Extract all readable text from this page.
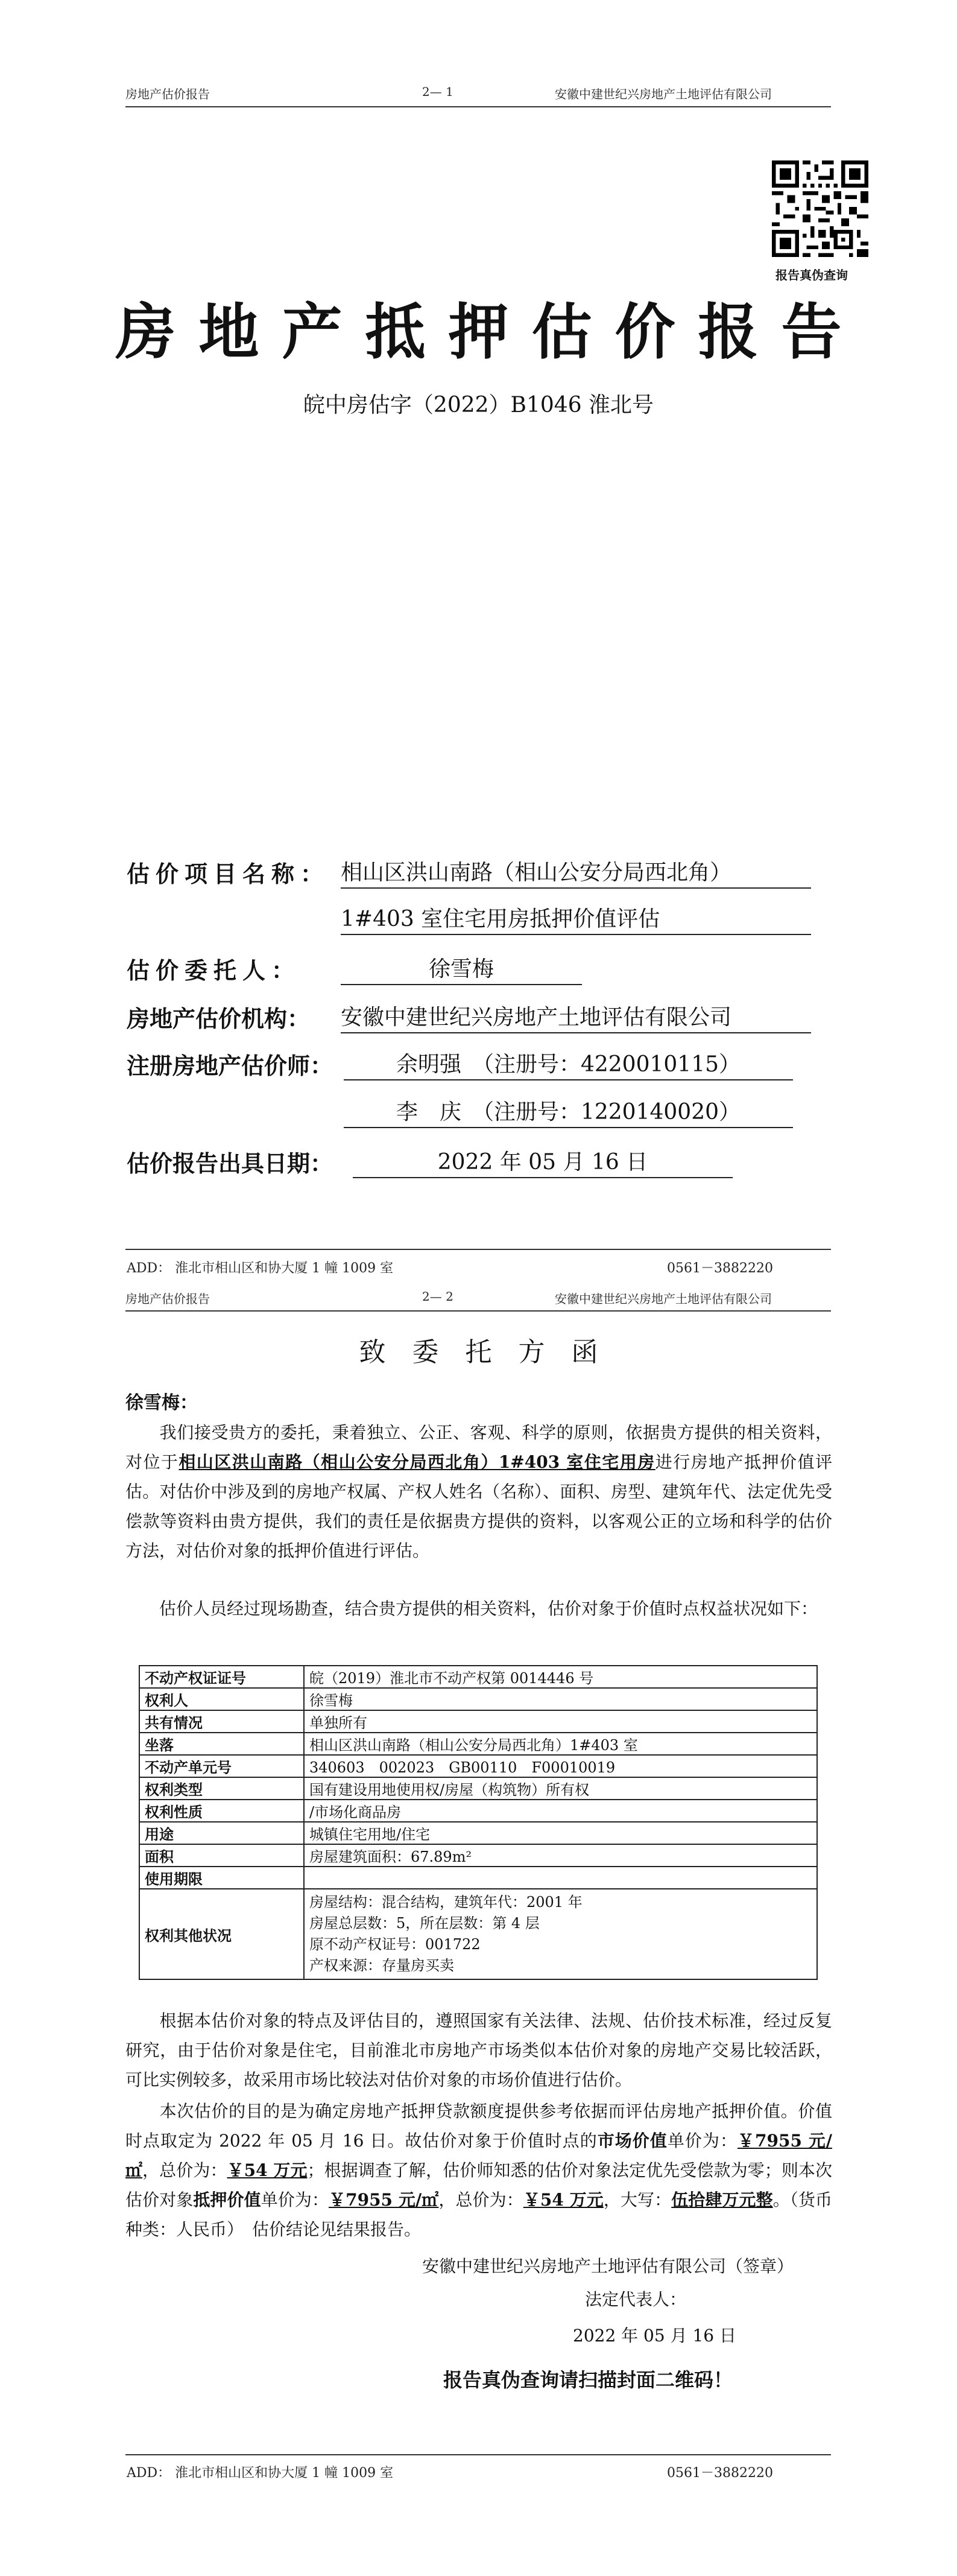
房地产估价报告	2— 1	安徽中建世纪兴房地产土地评估有限公司
报告真伪查询
房地产抵押估价报告
皖中房估字（2022）B1046 淮北号
估价项目名称： 相山区洪山南路（相山公安分局西北角）
1#403 室住宅用房抵押价值评估
估价委托人：	徐雪梅
房地产估价机构： 安徽中建世纪兴房地产土地评估有限公司
注册房地产估价师：	余明强　（注册号：4220010115）
李　庆　（注册号：1220140020）
估价报告出具日期：	2022 年 05 月 16 日
ADD： 淮北市相山区和协大厦 1 幢 1009 室	0561－3882220
房地产估价报告	2— 2	安徽中建世纪兴房地产土地评估有限公司
致委托方函
徐雪梅：
我们接受贵方的委托，秉着独立、公正、客观、科学的原则，依据贵方提供的相关资料，对位于相山区洪山南路（相山公安分局西北角）1#403 室住宅用房进行房地产抵押价值评估。对估价中涉及到的房地产权属、产权人姓名（名称）、面积、房型、建筑年代、法定优先受偿款等资料由贵方提供，我们的责任是依据贵方提供的资料，以客观公正的立场和科学的估价方法，对估价对象的抵押价值进行评估。
估价人员经过现场勘查，结合贵方提供的相关资料，估价对象于价值时点权益状况如下：
不动产权证证号	皖（2019）淮北市不动产权第 0014446 号
权利人	徐雪梅
共有情况	单独所有
坐落	相山区洪山南路（相山公安分局西北角）1#403 室
不动产单元号	340603　002023　GB00110　F00010019
权利类型	国有建设用地使用权/房屋（构筑物）所有权
权利性质	/市场化商品房
用途	城镇住宅用地/住宅
面积	房屋建筑面积：67.89m²
使用期限	
权利其他状况	房屋结构：混合结构，建筑年代：2001 年
房屋总层数：5，所在层数：第 4 层
原不动产权证号：001722
产权来源：存量房买卖
根据本估价对象的特点及评估目的，遵照国家有关法律、法规、估价技术标准，经过反复研究，由于估价对象是住宅，目前淮北市房地产市场类似本估价对象的房地产交易比较活跃，可比实例较多，故采用市场比较法对估价对象的市场价值进行估价。
本次估价的目的是为确定房地产抵押贷款额度提供参考依据而评估房地产抵押价值。价值时点取定为 2022 年 05 月 16 日。故估价对象于价值时点的市场价值单价为：￥7955 元/㎡，总价为：￥54 万元；根据调查了解，估价师知悉的估价对象法定优先受偿款为零；则本次估价对象抵押价值单价为：￥7955 元/㎡，总价为：￥54 万元，大写：伍拾肆万元整。（货币种类：人民币）　估价结论见结果报告。
安徽中建世纪兴房地产土地评估有限公司（签章）
法定代表人：
2022 年 05 月 16 日
报告真伪查询请扫描封面二维码！
ADD： 淮北市相山区和协大厦 1 幢 1009 室	0561－3882220
